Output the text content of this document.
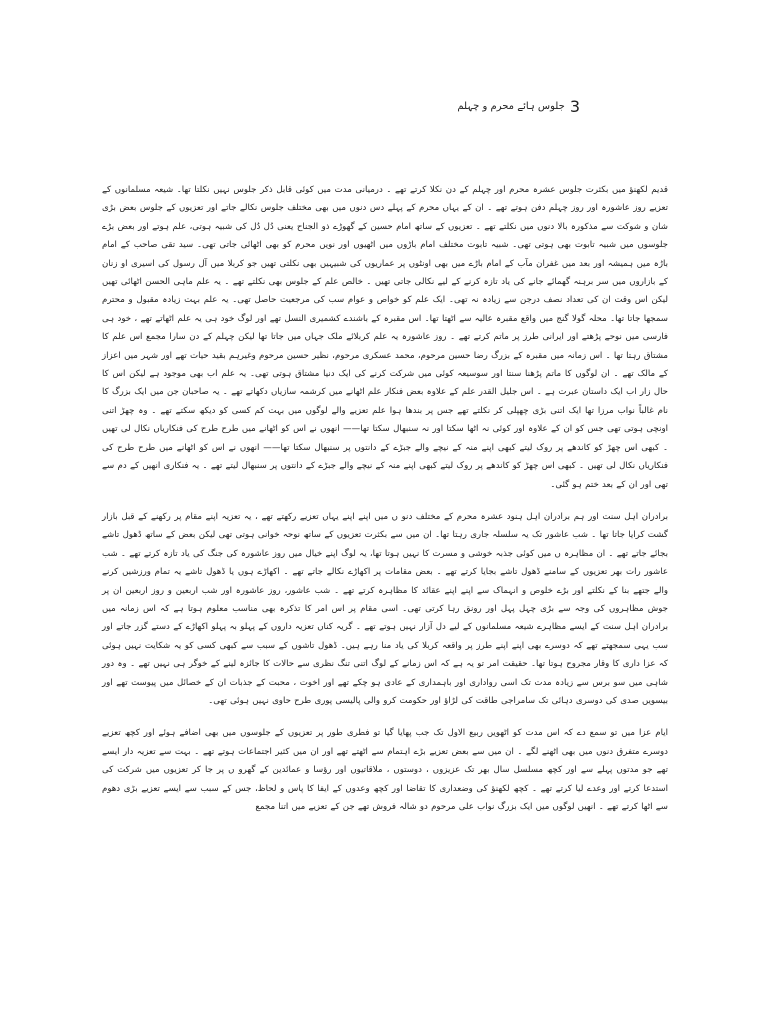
3
جلوس ہائے محرم و چہلم

قدیم لکھنؤ میں بکثرت جلوس عشرہ محرم اور چہلم کے دن نکلا کرتے تھے ۔ درمیانی مدت میں کوئی قابل ذکر جلوس نہیں نکلتا تھا۔ شیعہ مسلمانوں کے تعزیے روز عاشورہ اور روز چہلم دفن ہوتے تھے ۔ ان کے یہاں محرم کے پہلے دس دنوں میں بھی مختلف جلوس نکالے جاتے اور تعزیوں کے جلوس بعض بڑی شان و شوکت سے مذکورہ بالا دنوں میں نکلتے تھے ۔ تعزیوں کے ساتھ امام حسین کے گھوڑے ذو الجناح یعنی دُل دُل کی شبیہ ہوتی، علم ہوتے اور بعض بڑے جلوسوں میں شبیہ تابوت بھی ہوتی تھی۔ شبیہ تابوت مختلف امام باڑوں میں اٹھیوں اور نویں محرم کو بھی اٹھائی جاتی تھی۔ سید تقی صاحب کے امام باڑہ میں ہمیشہ اور بعد میں غفران مآب کے امام باڑے میں بھی اونٹوں پر عماریوں کی شبیہیں بھی نکلتی تھیں جو کربلا میں آل رسول کی اسیری او زنان کے بازاروں میں سر برہنہ گھمائے جانے کی یاد تازہ کرنے کے لیے نکالی جاتی تھیں ۔ خالص علم کے جلوس بھی نکلتے تھے ۔ یہ علم ماہی الحسن اٹھائی تھیں لیکن اس وقت ان کی تعداد نصف درجن سے زیادہ نہ تھی۔ ایک علم کو خواص و عوام سب کی مرجعیت حاصل تھی۔ یہ علم بہت زیادہ مقبول و محترم سمجھا جاتا تھا۔ محلہ گولا گنج میں واقع مقبرہ عالیہ سے اٹھتا تھا۔ اس مقبرہ کے باشندے کشمیری النسل تھے اور لوگ خود ہی یہ علم اٹھاتے تھے ، خود ہی فارسی میں نوحے پڑھتے اور ایرانی طرز پر ماتم کرتے تھے ۔ روز عاشورہ یہ علم کربلائے ملک جہاں میں جاتا تھا لیکن چہلم کے دن سارا مجمع اس علم کا مشتاق رہتا تھا ۔ اس زمانہ میں مقبرہ کے بزرگ رضا حسین مرحوم، محمد عسکری مرحوم، نظیر حسین مرحوم وغیرہم بقید حیات تھے اور شہر میں اعزاز کے مالک تھے ۔ ان لوگوں کا ماتم پڑھنا سنتا اور سوسیعہ کوئی میں شرکت کرنے کی ایک دنیا مشتاق ہوتی تھی۔ یہ علم اب بھی موجود ہے لیکن اس کا حال زار اب ایک داستان عبرت ہے ۔ اس جلیل القدر علم کے علاوہ بعض فنکار علم اٹھانے میں کرشمہ سازیاں دکھاتے تھے ۔ یہ صاحبان جن میں ایک بزرگ کا نام غالباً نواب مرزا تھا ایک اتنی بڑی چھپلی کر نکلتے تھے جس پر بندھا ہوا علم تعزیے والے لوگوں میں بہت کم کسی کو دیکھ سکتے تھے ۔ وہ چھڑ اتنی اونچی ہوتی تھی جس کو ان کے علاوہ اور کوئی نہ اٹھا سکتا اور نہ سنبھال سکتا تھا—— انھوں نے اس کو اٹھانے میں طرح طرح کی فنکاریاں نکال لی تھیں ۔ کبھی اس چھڑ کو کاندھے پر روک لیتے کبھی اپنے منہ کے نیچے والے جبڑے کے دانتوں پر سنبھال سکتا تھا—— انھوں نے اس کو اٹھانے میں طرح طرح کی فنکاریاں نکال لی تھیں ۔ کبھی اس چھڑ کو کاندھے پر روک لیتے کبھی اپنے منہ کے نیچے والے جبڑے کے دانتوں پر سنبھال لیتے تھے ۔ یہ فنکاری انھیں کے دم سے تھی اور ان کے بعد ختم ہو گئی۔

برادران اہل سنت اور ہم برادران اہل ہنود عشرہ محرم کے مختلف دنو ں میں اپنے اپنے یہاں تعزیے رکھتے تھے ، یہ تعزیہ اپنے مقام پر رکھنے کے قبل بازار گشت کرایا جاتا تھا ۔ شب عاشور تک یہ سلسلہ جاری رہتا تھا۔ ان میں سے بکثرت تعزیوں کے ساتھ نوحہ خوانی ہوتی تھی لیکن بعض کے ساتھ ڈھول تاشے بجائے جاتے تھے ۔ ان مظاہرہ ں میں کوئی جذبہ خوشی و مسرت کا نہیں ہوتا تھا، یہ لوگ اپنے خیال میں روز عاشورہ کی جنگ کی یاد تازہ کرتے تھے ۔ شب عاشور رات بھر تعزیوں کے سامنے ڈھول تاشے بجایا کرتے تھے ۔ بعض مقامات پر اکھاڑے نکالے جاتے تھے ۔ اکھاڑے ہوں یا ڈھول تاشے یہ تمام ورزشیں کرنے والے جتھے بنا کے نکلتے اور بڑے خلوص و انہماک سے اپنے اپنے عقائد کا مظاہرہ کرتے تھے ۔ شب عاشور، روز عاشورہ اور شب اربعین و روز اربعین ان پر جوش مظاہروں کی وجہ سے بڑی چہل پہل اور رونق رہا کرتی تھی۔ اسی مقام پر اس امر کا تذکرہ بھی مناسب معلوم ہوتا ہے کہ اس زمانہ میں برادران اہل سنت کے ایسے مظاہرے شیعہ مسلمانوں کے لیے دل آزار نہیں ہوتے تھے ۔ گریہ کناں تعزیہ داروں کے پہلو بہ پہلو اکھاڑے کے دستے گزر جاتے اور سب یہی سمجھتے تھے کہ دوسرے بھی اپنے اپنے طرز پر واقعہ کربلا کی یاد منا رہے ہیں۔ ڈھول تاشوں کے سبب سے کبھی کسی کو یہ شکایت نہیں ہوئی کہ عزا داری کا وقار مجروح ہوتا تھا۔ حقیقت امر تو یہ ہے کہ اس زمانے کے لوگ اتنی تنگ نظری سے حالات کا جائزہ لینے کے خوگر ہی نہیں تھے ۔ وہ دور شاہی میں سو برس سے زیادہ مدت تک اسی رواداری اور باہمداری کے عادی ہو چکے تھے اور اخوت ، محبت کے جذبات ان کے خصائل میں پیوست تھے اور بیسویں صدی کی دوسری دہائی تک سامراجی طاقت کی لڑاؤ اور حکومت کرو والی پالیسی پوری طرح حاوی نہیں ہوئی تھی۔

ایام عزا میں تو سمع دے کہ اس مدت کو اٹھویں ربیع الاول تک جب پھایا گیا تو فطری طور پر تعزیوں کے جلوسوں میں بھی اضافے ہوئے اور کچھ تعزیے دوسرے متفرق دنوں میں بھی اٹھنے لگے ۔ ان میں سے بعض تعزیے بڑے اہتمام سے اٹھتے تھے اور ان میں کثیر اجتماعات ہوتے تھے ۔ بہت سے تعزیہ دار ایسے تھے جو مدتوں پہلے سے اور کچھ مسلسل سال بھر تک عزیزوں ، دوستوں ، ملاقاتیوں اور رؤسا و عمائدین کے گھرو ں پر جا کر تعزیوں میں شرکت کی استدعا کرتے اور وعدے لیا کرتے تھے ۔ کچھ لکھنؤ کی وضعداری کا تقاضا اور کچھ وعدوں کے ایفا کا پاس و لحاظ، جس کے سبب سے ایسے تعزیے بڑی دھوم سے اٹھا کرتے تھے ۔ انھیں لوگوں میں ایک بزرگ نواب علی مرحوم دو شالہ فروش تھے جن کے تعزیے میں اتنا مجمع
